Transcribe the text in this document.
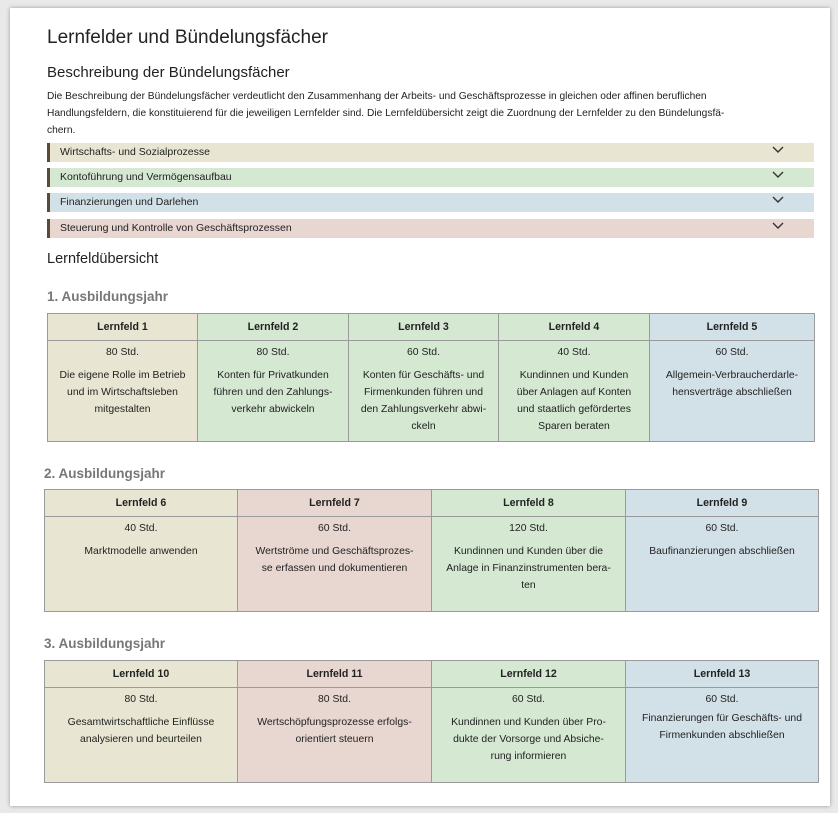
Lernfelder und Bündelungsfächer
Beschreibung der Bündelungsfächer

Die Beschreibung der Bündelungsfächer verdeutlicht den Zusammenhang der Arbeits- und Geschäftsprozesse in gleichen oder affinen beruflichen
Handlungsfeldern, die konstituierend für die jeweiligen Lernfelder sind. Die Lernfeldübersicht zeigt die Zuordnung der Lernfelder zu den Bündelungsfä-
chern.

Wirtschafts- und Sozialprozesse
Kontoführung und Vermögensaufbau
Finanzierungen und Darlehen
Steuerung und Kontrolle von Geschäftsprozessen
Lernfeldübersicht
1. Ausbildungsjahr
Lernfeld 1	Lernfeld 2	Lernfeld 3	Lernfeld 4	Lernfeld 5

80 Std.
Die eigene Rolle im Betrieb
und im Wirtschaftsleben
mitgestalten	80 Std.
Konten für Privatkunden
führen und den Zahlungs-
verkehr abwickeln	60 Std.
Konten für Geschäfts- und
Firmenkunden führen und
den Zahlungsverkehr abwi-
ckeln	40 Std.
Kundinnen und Kunden
über Anlagen auf Konten
und staatlich gefördertes
Sparen beraten	60 Std.
Allgemein-Verbraucherdarle-
hensverträge abschließen
2. Ausbildungsjahr
Lernfeld 6	Lernfeld 7	Lernfeld 8	Lernfeld 9

40 Std.
Marktmodelle anwenden	60 Std.
Wertströme und Geschäftsprozes-
se erfassen und dokumentieren	120 Std.
Kundinnen und Kunden über die
Anlage in Finanzinstrumenten bera-
ten	60 Std.
Baufinanzierungen abschließen
3. Ausbildungsjahr
Lernfeld 10	Lernfeld 11	Lernfeld 12	Lernfeld 13

80 Std.
Gesamtwirtschaftliche Einflüsse
analysieren und beurteilen	80 Std.
Wertschöpfungsprozesse erfolgs-
orientiert steuern	60 Std.
Kundinnen und Kunden über Pro-
dukte der Vorsorge und Absiche-
rung informieren	60 Std.
Finanzierungen für Geschäfts- und
Firmenkunden abschließen
